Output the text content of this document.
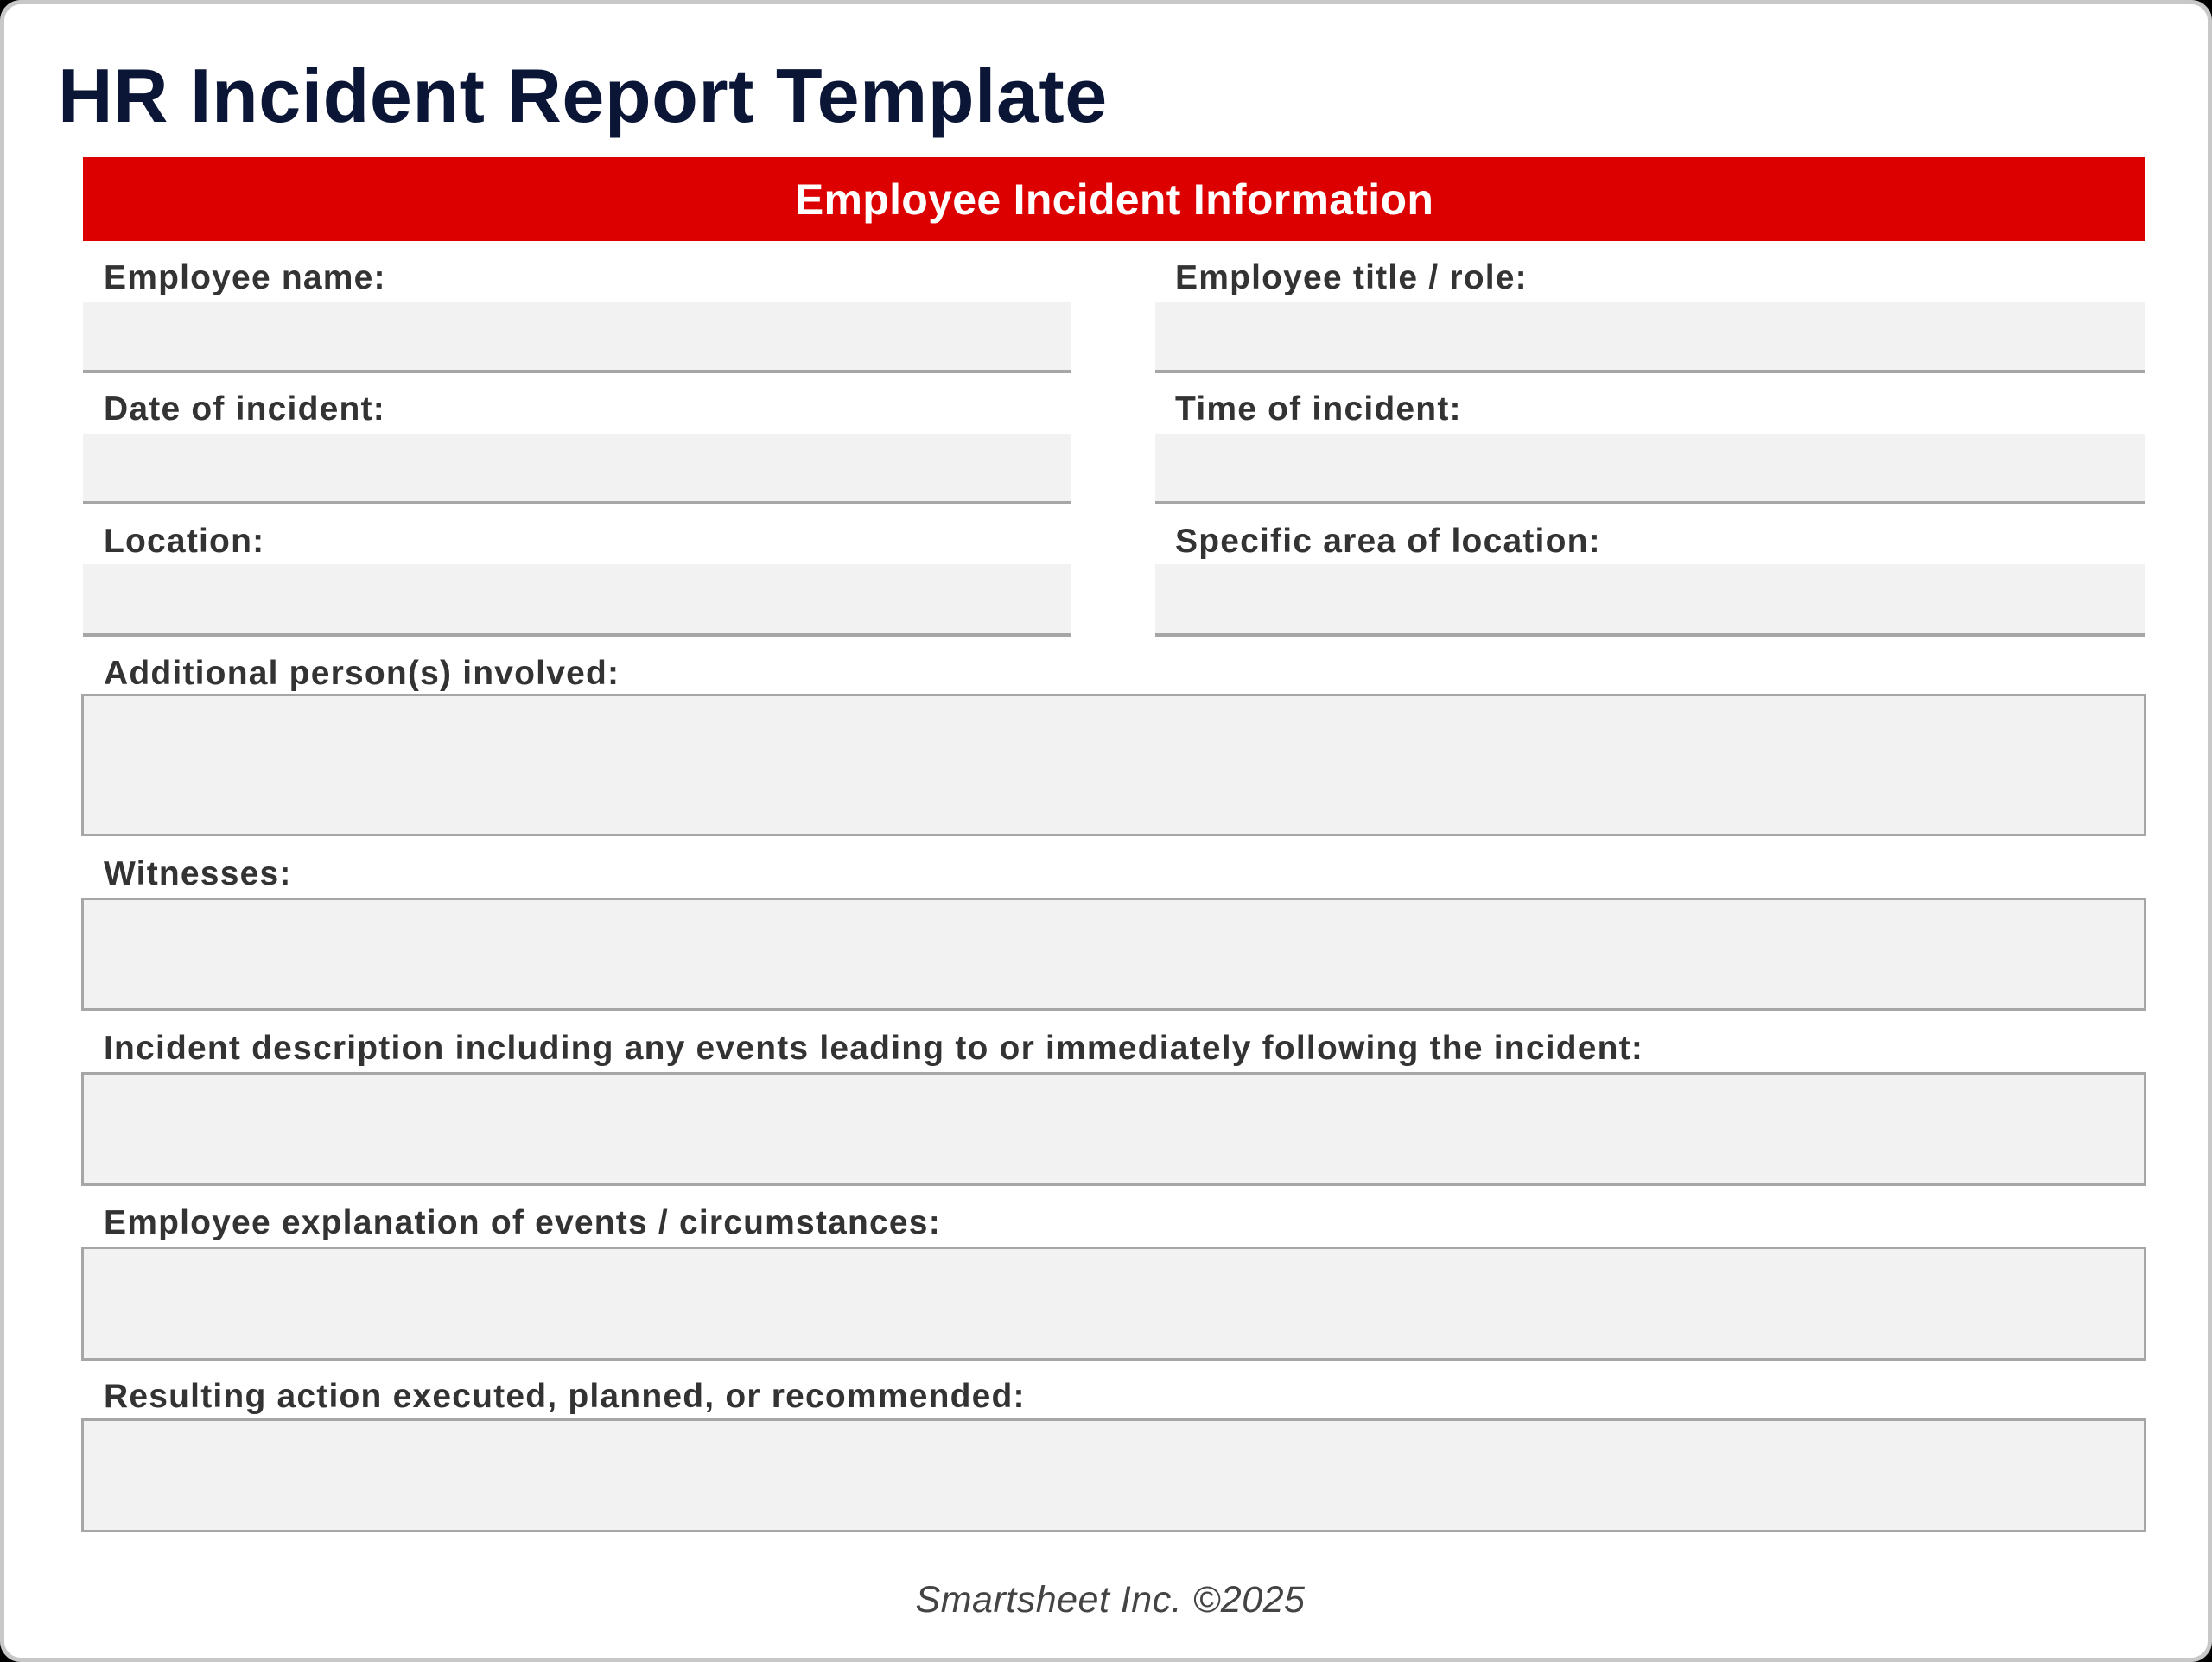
HR Incident Report Template
Employee Incident Information
Employee name:	Employee title / role:
Date of incident:	Time of incident:
Location:	Specific area of location:
Additional person(s) involved:
Witnesses:
Incident description including any events leading to or immediately following the incident:
Employee explanation of events / circumstances:
Resulting action executed, planned, or recommended:
Smartsheet Inc. ©2025
